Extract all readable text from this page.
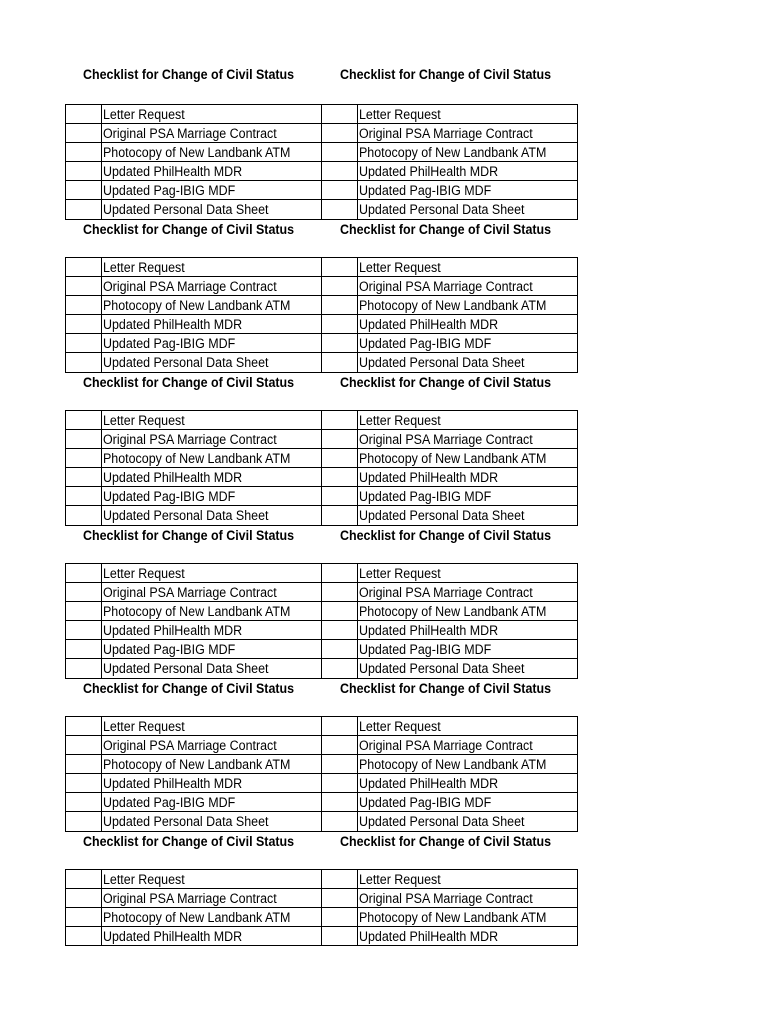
Checklist for Change of Civil Status	Checklist for Change of Civil Status
	Letter Request		Letter Request
	Original PSA Marriage Contract		Original PSA Marriage Contract
	Photocopy of New Landbank ATM		Photocopy of New Landbank ATM
	Updated PhilHealth MDR		Updated PhilHealth MDR
	Updated Pag-IBIG MDF		Updated Pag-IBIG MDF
	Updated Personal Data Sheet		Updated Personal Data Sheet
Checklist for Change of Civil Status	Checklist for Change of Civil Status
	Letter Request		Letter Request
	Original PSA Marriage Contract		Original PSA Marriage Contract
	Photocopy of New Landbank ATM		Photocopy of New Landbank ATM
	Updated PhilHealth MDR		Updated PhilHealth MDR
	Updated Pag-IBIG MDF		Updated Pag-IBIG MDF
	Updated Personal Data Sheet		Updated Personal Data Sheet
Checklist for Change of Civil Status	Checklist for Change of Civil Status
	Letter Request		Letter Request
	Original PSA Marriage Contract		Original PSA Marriage Contract
	Photocopy of New Landbank ATM		Photocopy of New Landbank ATM
	Updated PhilHealth MDR		Updated PhilHealth MDR
	Updated Pag-IBIG MDF		Updated Pag-IBIG MDF
	Updated Personal Data Sheet		Updated Personal Data Sheet
Checklist for Change of Civil Status	Checklist for Change of Civil Status
	Letter Request		Letter Request
	Original PSA Marriage Contract		Original PSA Marriage Contract
	Photocopy of New Landbank ATM		Photocopy of New Landbank ATM
	Updated PhilHealth MDR		Updated PhilHealth MDR
	Updated Pag-IBIG MDF		Updated Pag-IBIG MDF
	Updated Personal Data Sheet		Updated Personal Data Sheet
Checklist for Change of Civil Status	Checklist for Change of Civil Status
	Letter Request		Letter Request
	Original PSA Marriage Contract		Original PSA Marriage Contract
	Photocopy of New Landbank ATM		Photocopy of New Landbank ATM
	Updated PhilHealth MDR		Updated PhilHealth MDR
	Updated Pag-IBIG MDF		Updated Pag-IBIG MDF
	Updated Personal Data Sheet		Updated Personal Data Sheet
Checklist for Change of Civil Status	Checklist for Change of Civil Status
	Letter Request		Letter Request
	Original PSA Marriage Contract		Original PSA Marriage Contract
	Photocopy of New Landbank ATM		Photocopy of New Landbank ATM
	Updated PhilHealth MDR		Updated PhilHealth MDR
